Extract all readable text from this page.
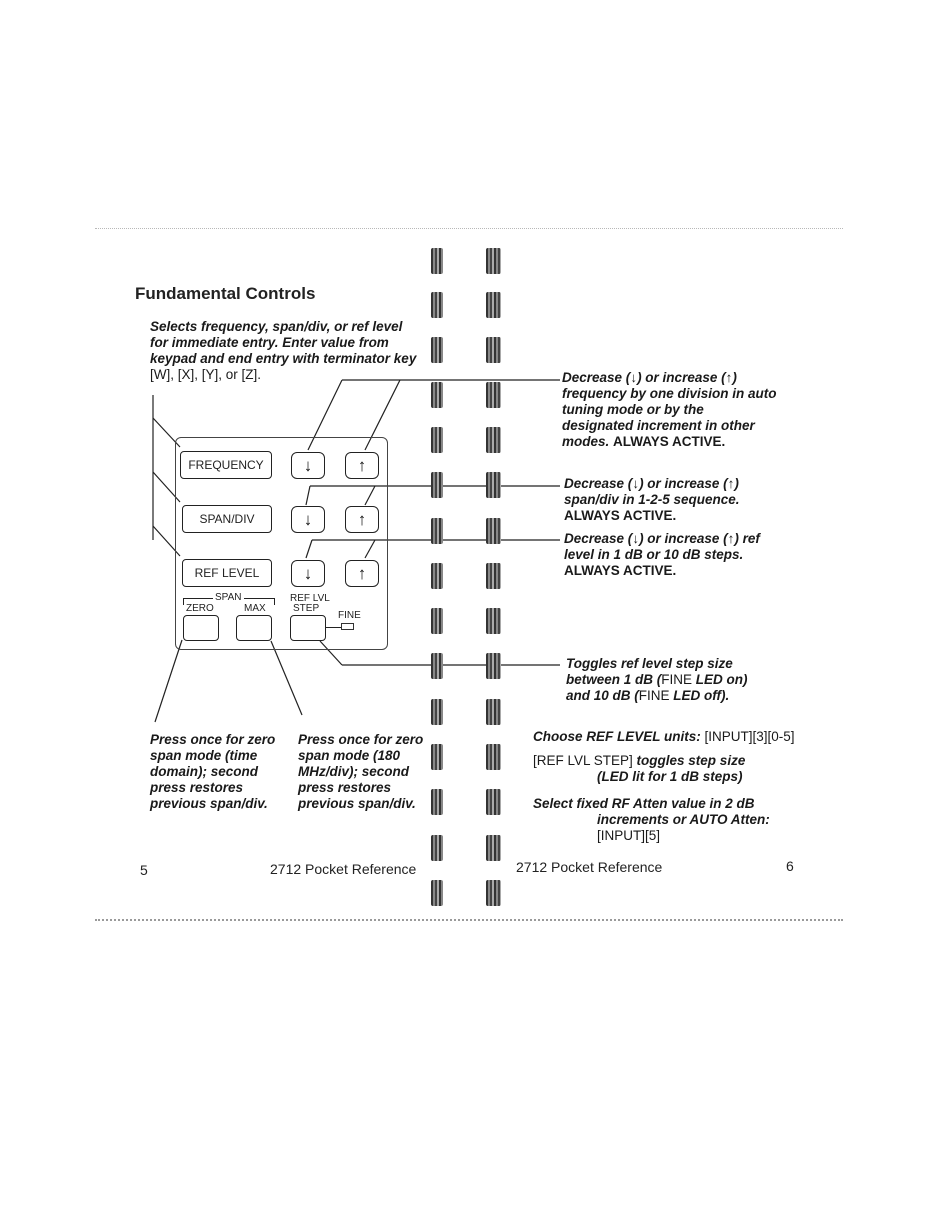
Fundamental Controls
Selects frequency, span/div, or ref level for immediate entry. Enter value from keypad and end entry with terminator key [W], [X], [Y], or [Z].
FREQUENCY	↓	↑
SPAN/DIV	↓	↑
REF LEVEL	↓	↑
SPAN
ZERO	MAX
REF LVL
STEP
FINE
Press once for zero span mode (time domain); second press restores previous span/div.
Press once for zero span mode (180 MHz/div); second press restores previous span/div.
5	2712 Pocket Reference
Decrease (↓) or increase (↑) frequency by one division in auto tuning mode or by the designated increment in other modes. ALWAYS ACTIVE.
Decrease (↓) or increase (↑) span/div in 1-2-5 sequence. ALWAYS ACTIVE.
Decrease (↓) or increase (↑) ref level in 1 dB or 10 dB steps. ALWAYS ACTIVE.
Toggles ref level step size between 1 dB (FINE LED on) and 10 dB (FINE LED off).
Choose REF LEVEL units: [INPUT][3][0-5]
[REF LVL STEP] toggles step size
(LED lit for 1 dB steps)
Select fixed RF Atten value in 2 dB
increments or AUTO Atten:
[INPUT][5]
2712 Pocket Reference	6
